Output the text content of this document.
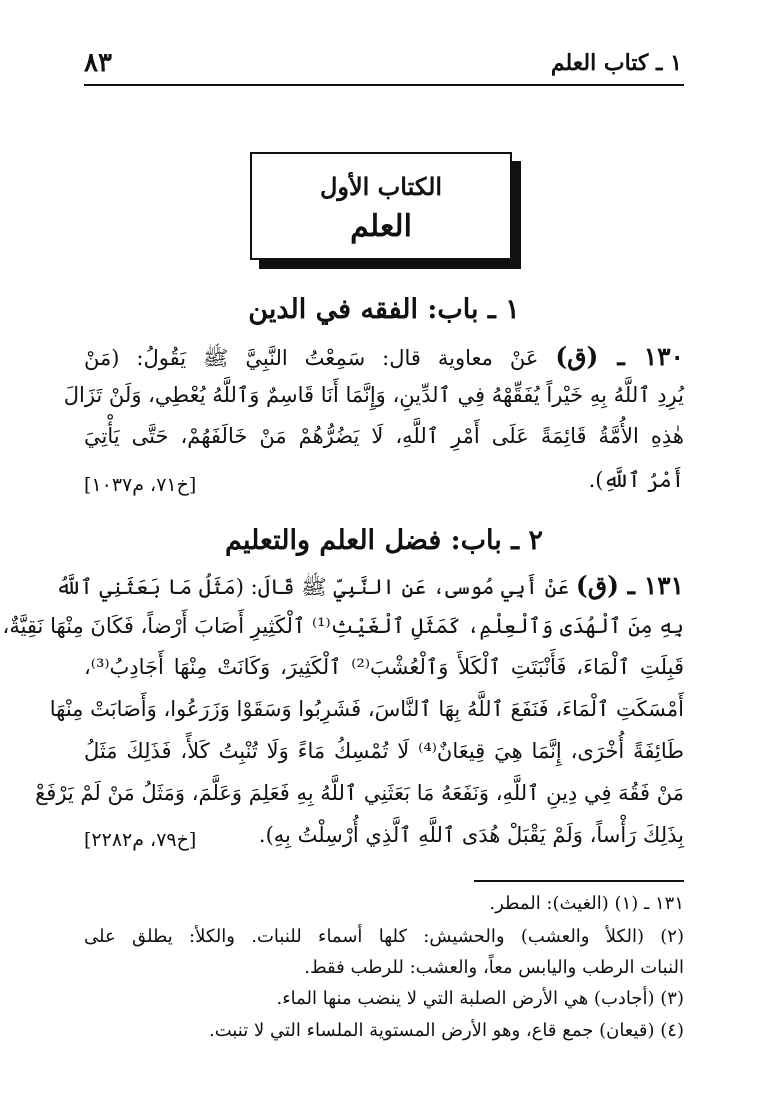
١ ـ كتاب العلم
٨٣
الكتاب الأول
العلم
١ ـ باب: الفقه في الدين
١٣٠ ـ (ق) عَنْ معاوية قال: سَمِعْتُ النَّبِيَّ ﷺ يَقُولُ: (مَنْ
يُرِدِ ٱللَّهُ بِهِ خَيْراً يُفَقِّهْهُ فِي ٱلدِّينِ، وَإِنَّمَا أَنَا قَاسِمٌ وَٱللَّهُ يُعْطِي، وَلَنْ تَزَالَ
هٰذِهِ الأُمَّةُ قَائِمَةً عَلَى أَمْرِ ٱللَّهِ، لَا يَضُرُّهُمْ مَنْ خَالَفَهُمْ، حَتَّى يَأْتِيَ
أَمْرُ ٱللَّهِ).
[خ٧١، م١٠٣٧]
٢ ـ باب: فضل العلم والتعليم
١٣١ ـ (ق) عَنْ أَبِي مُوسى، عَنِ النَّبِيِّ ﷺ قَالَ: (مَثَلُ مَا بَعَثَنِي ٱللَّهُ
بِهِ مِنَ ٱلْهُدَى وَٱلْعِلْمِ، كَمَثَلِ ٱلْغَيْثِ⁽¹⁾ ٱلْكَثِيرِ أَصَابَ أَرْضاً، فَكَانَ مِنْهَا نَقِيَّةٌ،
قَبِلَتِ ٱلْمَاءَ، فَأَنْبَتَتِ ٱلْكَلأَ وَٱلْعُشْبَ⁽²⁾ ٱلْكَثِيرَ، وَكَانَتْ مِنْهَا أَجَادِبُ⁽³⁾،
أَمْسَكَتِ ٱلْمَاءَ، فَنَفَعَ ٱللَّهُ بِهَا ٱلنَّاسَ، فَشَرِبُوا وَسَقَوْا وَزَرَعُوا، وَأَصَابَتْ مِنْهَا
طَائِفَةً أُخْرَى، إِنَّمَا هِيَ قِيعَانٌ⁽⁴⁾ لَا تُمْسِكُ مَاءً وَلَا تُنْبِتُ كَلأً، فَذَلِكَ مَثَلُ
مَنْ فَقُهَ فِي دِينِ ٱللَّهِ، وَنَفَعَهُ مَا بَعَثَنِي ٱللَّهُ بِهِ فَعَلِمَ وَعَلَّمَ، وَمَثَلُ مَنْ لَمْ يَرْفَعْ
بِذَلِكَ رَأْساً، وَلَمْ يَقْبَلْ هُدَى ٱللَّهِ ٱلَّذِي أُرْسِلْتُ بِهِ).
[خ٧٩، م٢٢٨٢]
١٣١ ـ (١) (الغيث): المطر.
(٢) (الكلأ والعشب) والحشيش: كلها أسماء للنبات. والكلأ: يطلق على
النبات الرطب واليابس معاً، والعشب: للرطب فقط.
(٣) (أجادب) هي الأرض الصلبة التي لا ينضب منها الماء.
(٤) (قيعان) جمع قاع، وهو الأرض المستوية الملساء التي لا تنبت.
